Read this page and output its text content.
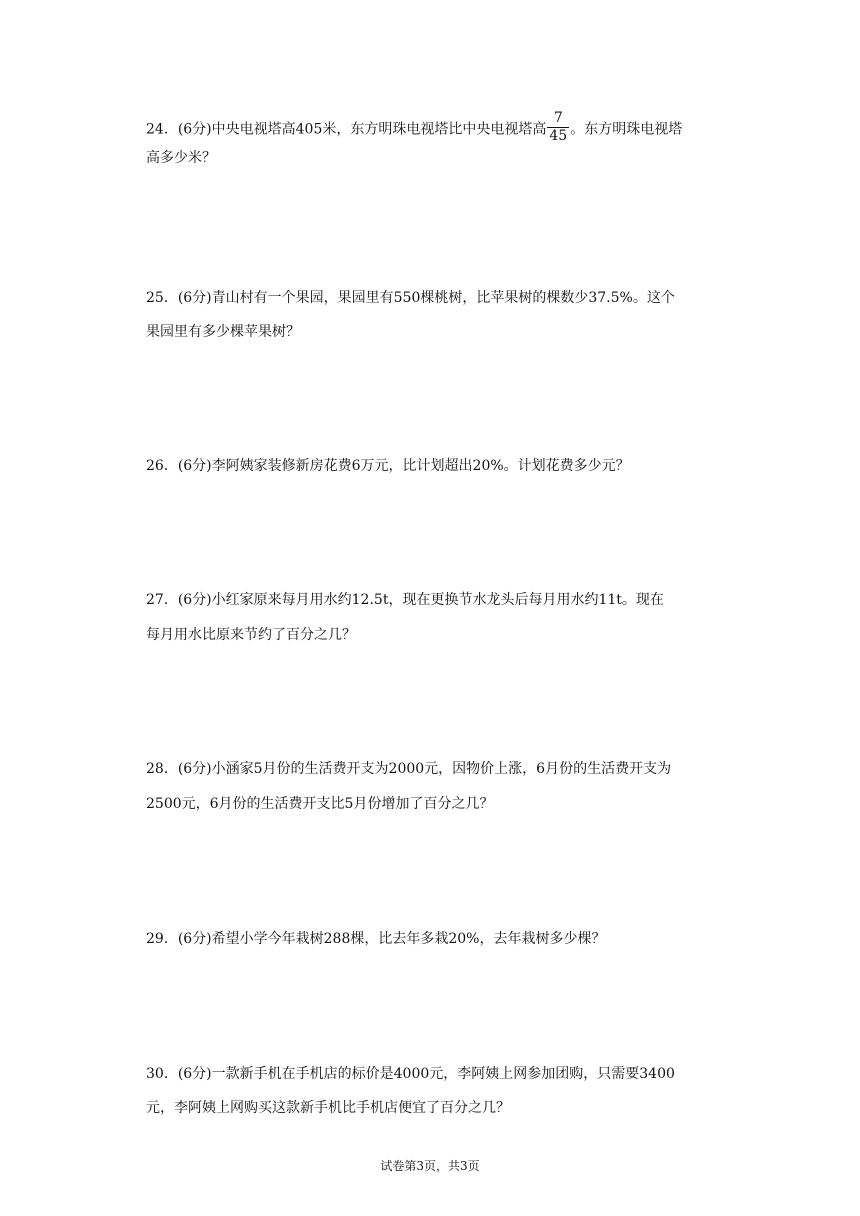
24．(6分)中央电视塔高405米，东方明珠电视塔比中央电视塔高 $\frac{7}{45}$ 。东方明珠电视塔
高多少米？
25．(6分)青山村有一个果园，果园里有550棵桃树，比苹果树的棵数少37.5%。这个
果园里有多少棵苹果树？
26．(6分)李阿姨家装修新房花费6万元，比计划超出20%。计划花费多少元？
27．(6分)小红家原来每月用水约12.5t，现在更换节水龙头后每月用水约11t。现在
每月用水比原来节约了百分之几？
28．(6分)小涵家5月份的生活费开支为2000元，因物价上涨，6月份的生活费开支为
2500元，6月份的生活费开支比5月份增加了百分之几？
29．(6分)希望小学今年栽树288棵，比去年多栽20%，去年栽树多少棵？
30．(6分)一款新手机在手机店的标价是4000元，李阿姨上网参加团购，只需要3400
元，李阿姨上网购买这款新手机比手机店便宜了百分之几？
试卷第3页，共3页
